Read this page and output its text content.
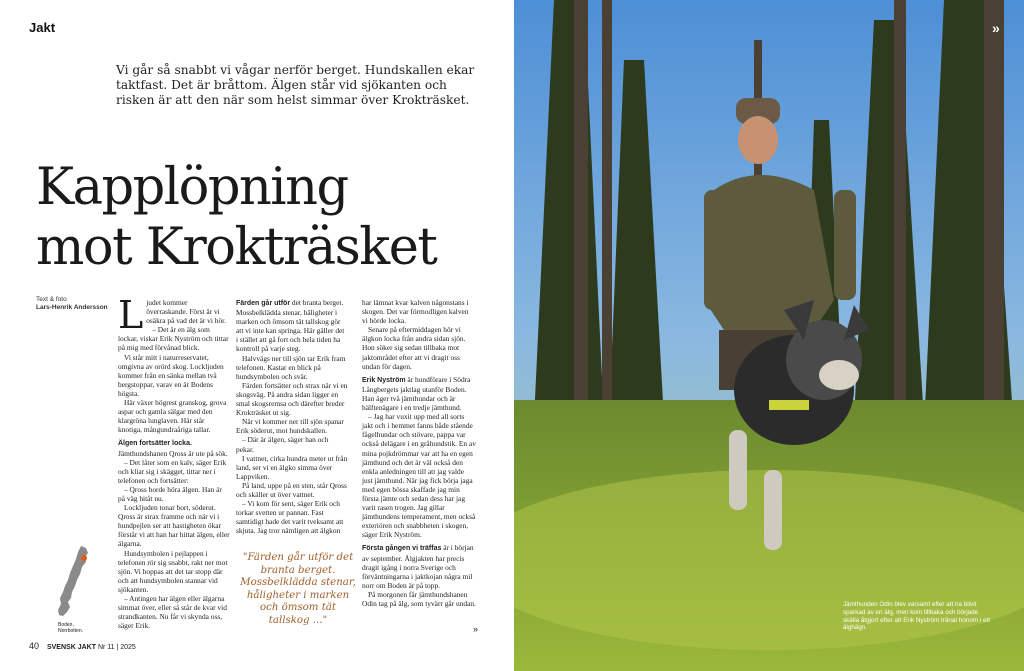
Jakt
Vi går så snabbt vi vågar nerför berget. Hundskallen ekar taktfast. Det är bråttom. Älgen står vid sjökanten och risken är att den när som helst simmar över Krokträsket.
Kapplöpning
mot Krokträsket
Text & foto
Lars-Henrik Andersson Ljudet kommer överraskande. Först är vi osäkra på vad det är vi hör.

– Det är en älg som lockar, viskar Erik Nyström och tittar på mig med förvånad blick.

Vi står mitt i naturreservatet, omgivna av orörd skog. Locklјuden kommer från en sänka mellan två bergstoppar, varav en är Bodens högsta.

Här växer högrest granskog, grova aspar och gamla sälgar med den klargröna lunglaven. Här står knotiga, mångundraåriga tallar.

Älgen fortsätter locka. Jämthundshanen Qross är ute på sök.

– Det låter som en kalv, säger Erik och kliar sig i skägget, tittar ner i telefonen och fortsätter:

– Qross borde höra älgen. Han är på väg hitåt nu.

Lockljuden tonar bort, söderut. Qross är strax framme och när vi i hundpejlen ser att hastigheten ökar förstår vi att han har hittat älgen, eller älgarna.

Hundsymbolen i pejlappen i telefonen rör sig snabbt, rakt ner mot sjön. Vi hoppas att det tar stopp där och att hundsymbolen stannar vid sjökanten.

– Antingen har älgen eller älgarna simmat över, eller så står de kvar vid strandkanten. Nu får vi skynda oss, säger Erik.

Färden går utför det branta berget. Mossbelklädda stenar, hâligheter i marken och ömsom tät tallskog gör att vi inte kan springa. Här gäller det i stället att gå fort och hela tiden ha kontroll på varje steg.

Halvvägs ner till sjön tar Erik fram telefonen. Kastar en blick på hundsymbolen och svär.

Färden fortsätter och strax när vi en skogsväg. På andra sidan ligger en smal skogsremsa och därefter breder Krokträsket ut sig.

När vi kommer ner till sjön spanar Erik söderut, mot hundskallen.

– Där är älgen, säger han och pekar.

I vattnet, cirka hundra meter ut från land, ser vi en älgko simma över Lappviken.

På land, uppe på en sten, står Qross och skäller ut över vattnet.

– Vi kom för sent, säger Erik och torkar svetten ur pannan. Fast samtidigt hade det varit tveksamt att skjuta. Jag tror nämligen att älgkon

har lämnat kvar kalven någonstans i skogen. Det var förmodligen kalven vi hörde locka.

Senare på eftermiddagen hör vi älgkon locka från andra sidan sjön. Hon söker sig sedan tillbaka mot jaktområdet efter att vi dragit oss undan för dagen.

Erik Nyström är hundförare i Södra Långbergets jaktlag utanför Boden. Han äger två jämthundar och är hälftenägare i en tredje jämthund.

– Jag har vuxit upp med all sorts jakt och i hemmet fanns både stående fågelhundar och stövare, pappa var också delägare i en gråhundstik. En av mina pojkdrömmar var att ha en egen jämthund och det är väl också den enkla anledningen till att jag valde just jämthund. När jag fick börja jaga med egen bössa skaffade jag min första jämte och sedan dess har jag varit rasen trogen. Jag gillar jämthundens temperament, men också exteriören och snabbheten i skogen, säger Erik Nyström.

Första gången vi träffas är i början av september. Älgjakten har precis dragit igång i norra Sverige och förväntningarna i jaktkojan några mil norr om Boden är på topp.

På morgonen får jämthundshanen Odin tag på älg, som tyvärr går undan.

"Färden går utför det branta berget. Mossbelklädda stenar, håligheter i marken och ömsom tät tallskog ..."
Boden,
Norrbotten.
40 SVENSK JAKT Nr 11 | 2025
»
Jämthunden Odin blev varsamt efter att ha blivit sparkad av en älg, men kom tillbaka och började skälla åtgjort efter att Erik Nyström tränat honom i ett älghägn.
»
